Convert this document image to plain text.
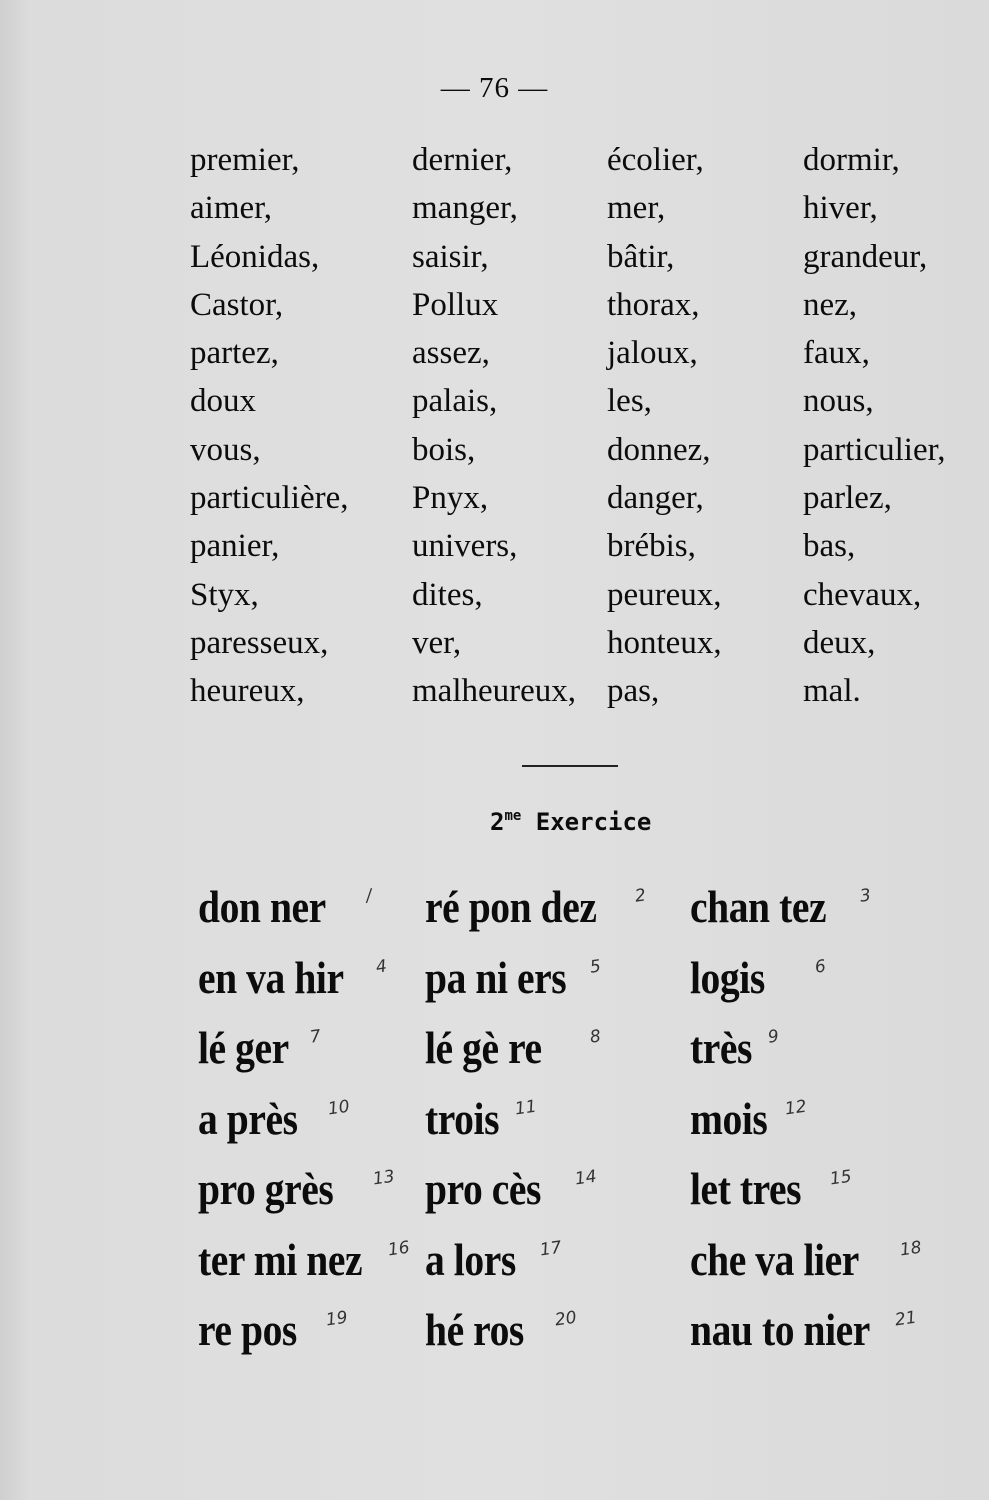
— 76 —
premier,	dernier,	écolier,	dormir,
aimer,	manger,	mer,	hiver,
Léonidas,	saisir,	bâtir,	grandeur,
Castor,	Pollux	thorax,	nez,
partez,	assez,	jaloux,	faux,
doux	palais,	les,	nous,
vous,	bois,	donnez,	particulier,
particulière,	Pnyx,	danger,	parlez,
panier,	univers,	brébis,	bas,
Styx,	dites,	peureux,	chevaux,
paresseux,	ver,	honteux,	deux,
heureux,	malheureux, pas,	mal.
$2^{me}$ Exercice
don ner / ré pon dez 2 chan tez 3
en va hir 4 pa ni ers 5 logis	6
lé ger 7 lé gè re	8 très 9
a près 10 trois 11	mois 12
pro grès 13 pro cès 14 let tres 15
ter mi nez 16 a lors 17	che va lier 18
re pos 19 hé ros 20 nau to nier 21
